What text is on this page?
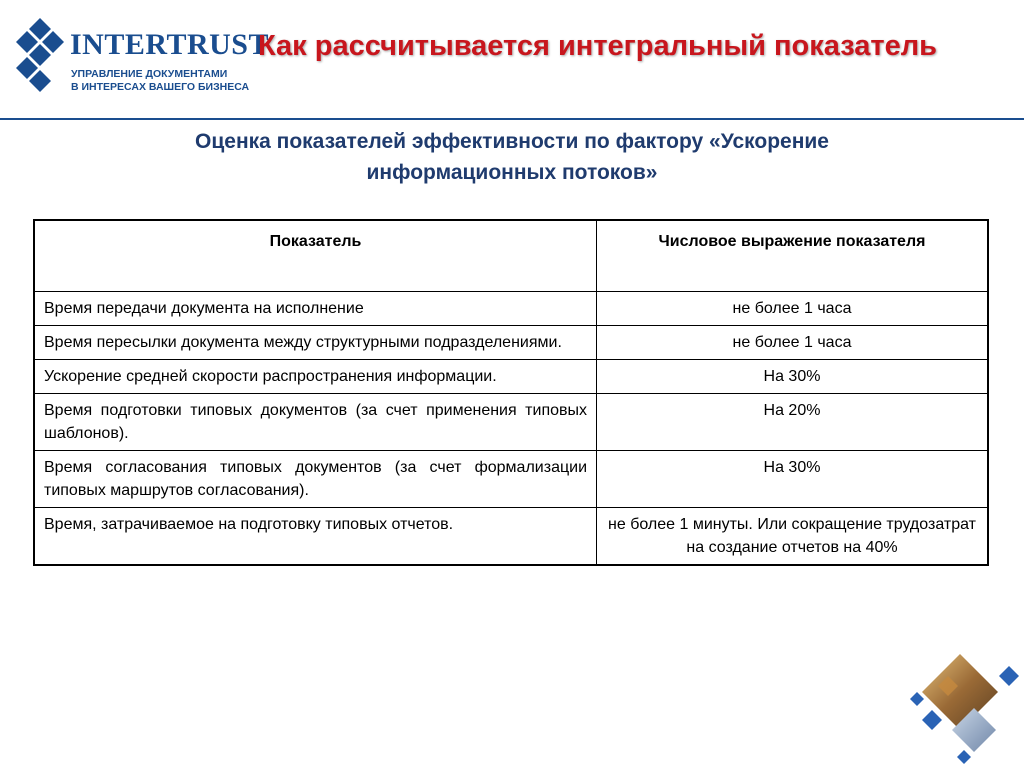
INTERTRUST
УПРАВЛЕНИЕ ДОКУМЕНТАМИ
В ИНТЕРЕСАХ ВАШЕГО БИЗНЕСА
Как рассчитывается интегральный показатель
Оценка показателей эффективности по фактору «Ускорение информационных потоков»
Показатель	Числовое выражение показателя
Время передачи документа на исполнение	не более 1 часа
Время пересылки документа между структурными подразделениями.	не более 1 часа
Ускорение средней скорости распространения информации.	На 30%
Время подготовки типовых документов (за счет применения типовых шаблонов).	На 20%
Время согласования типовых документов (за счет формализации типовых маршрутов согласования).	На 30%
Время, затрачиваемое на подготовку типовых отчетов.	не более 1 минуты. Или сокращение трудозатрат на создание отчетов на 40%
